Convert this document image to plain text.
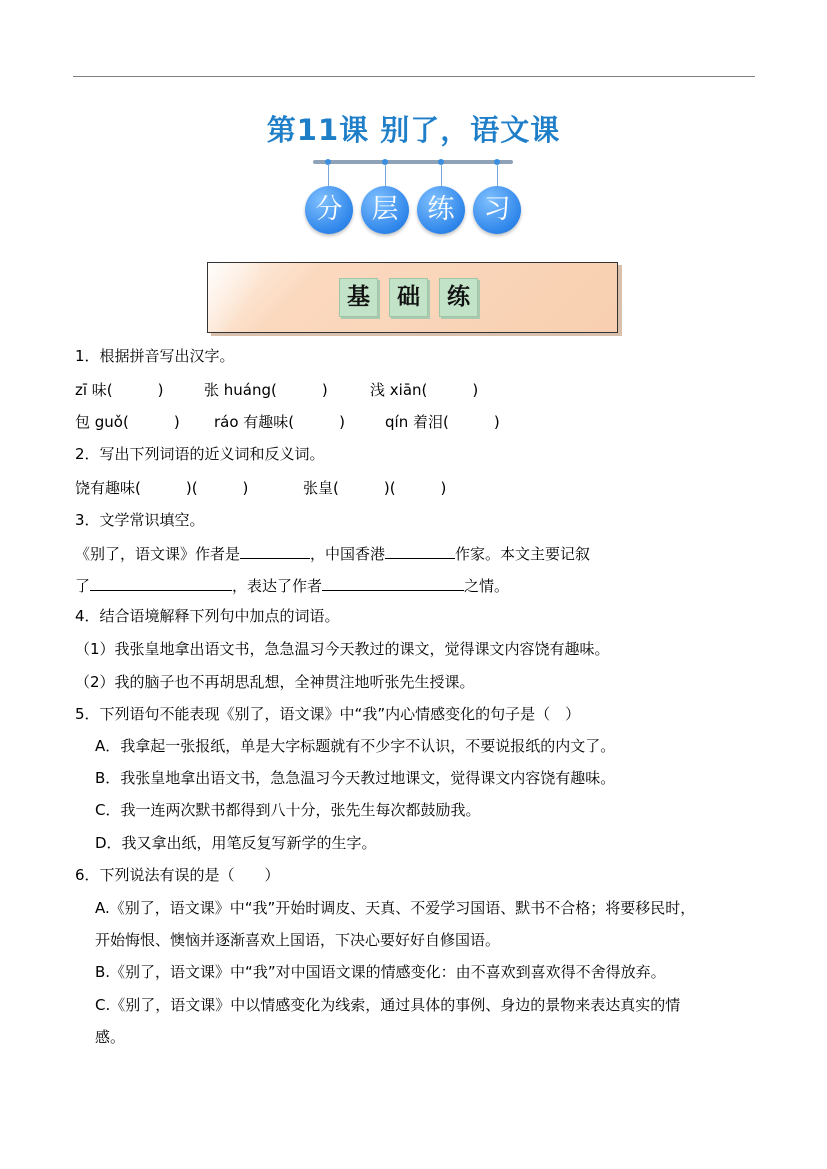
第11课 别了，语文课
分	层	练	习
基	础	练
1．根据拼音写出汉字。
zī 味(　　　)	张 huáng(　　　)	浅 xiān(　　　)
包 guǒ(　　　) ráo 有趣味(　　　)	qín 着泪(　　　)
2．写出下列词语的近义词和反义词。
饶有趣味(　　　)(　　　)	张皇(　　　)(　　　)
3．文学常识填空。
《别了，语文课》作者是	，中国香港	作家。本文主要记叙
了	，表达了作者	之情。
4．结合语境解释下列句中加点的词语。
（1）我张皇地拿出语文书，急急温习今天教过的课文，觉得课文内容饶有趣味。
（2）我的脑子也不再胡思乱想，全神贯注地听张先生授课。
5．下列语句不能表现《别了，语文课》中“我”内心情感变化的句子是（　）
A．我拿起一张报纸，单是大字标题就有不少字不认识，不要说报纸的内文了。
B．我张皇地拿出语文书，急急温习今天教过地课文，觉得课文内容饶有趣味。
C．我一连两次默书都得到八十分，张先生每次都鼓励我。
D．我又拿出纸，用笔反复写新学的生字。
6．下列说法有误的是（　　）
A.《别了，语文课》中“我”开始时调皮、天真、不爱学习国语、默书不合格；将要移民时，
开始悔恨、懊恼并逐渐喜欢上国语，下决心要好好自修国语。
B.《别了，语文课》中“我”对中国语文课的情感变化：由不喜欢到喜欢得不舍得放弃。
C.《别了，语文课》中以情感变化为线索，通过具体的事例、身边的景物来表达真实的情
感。
